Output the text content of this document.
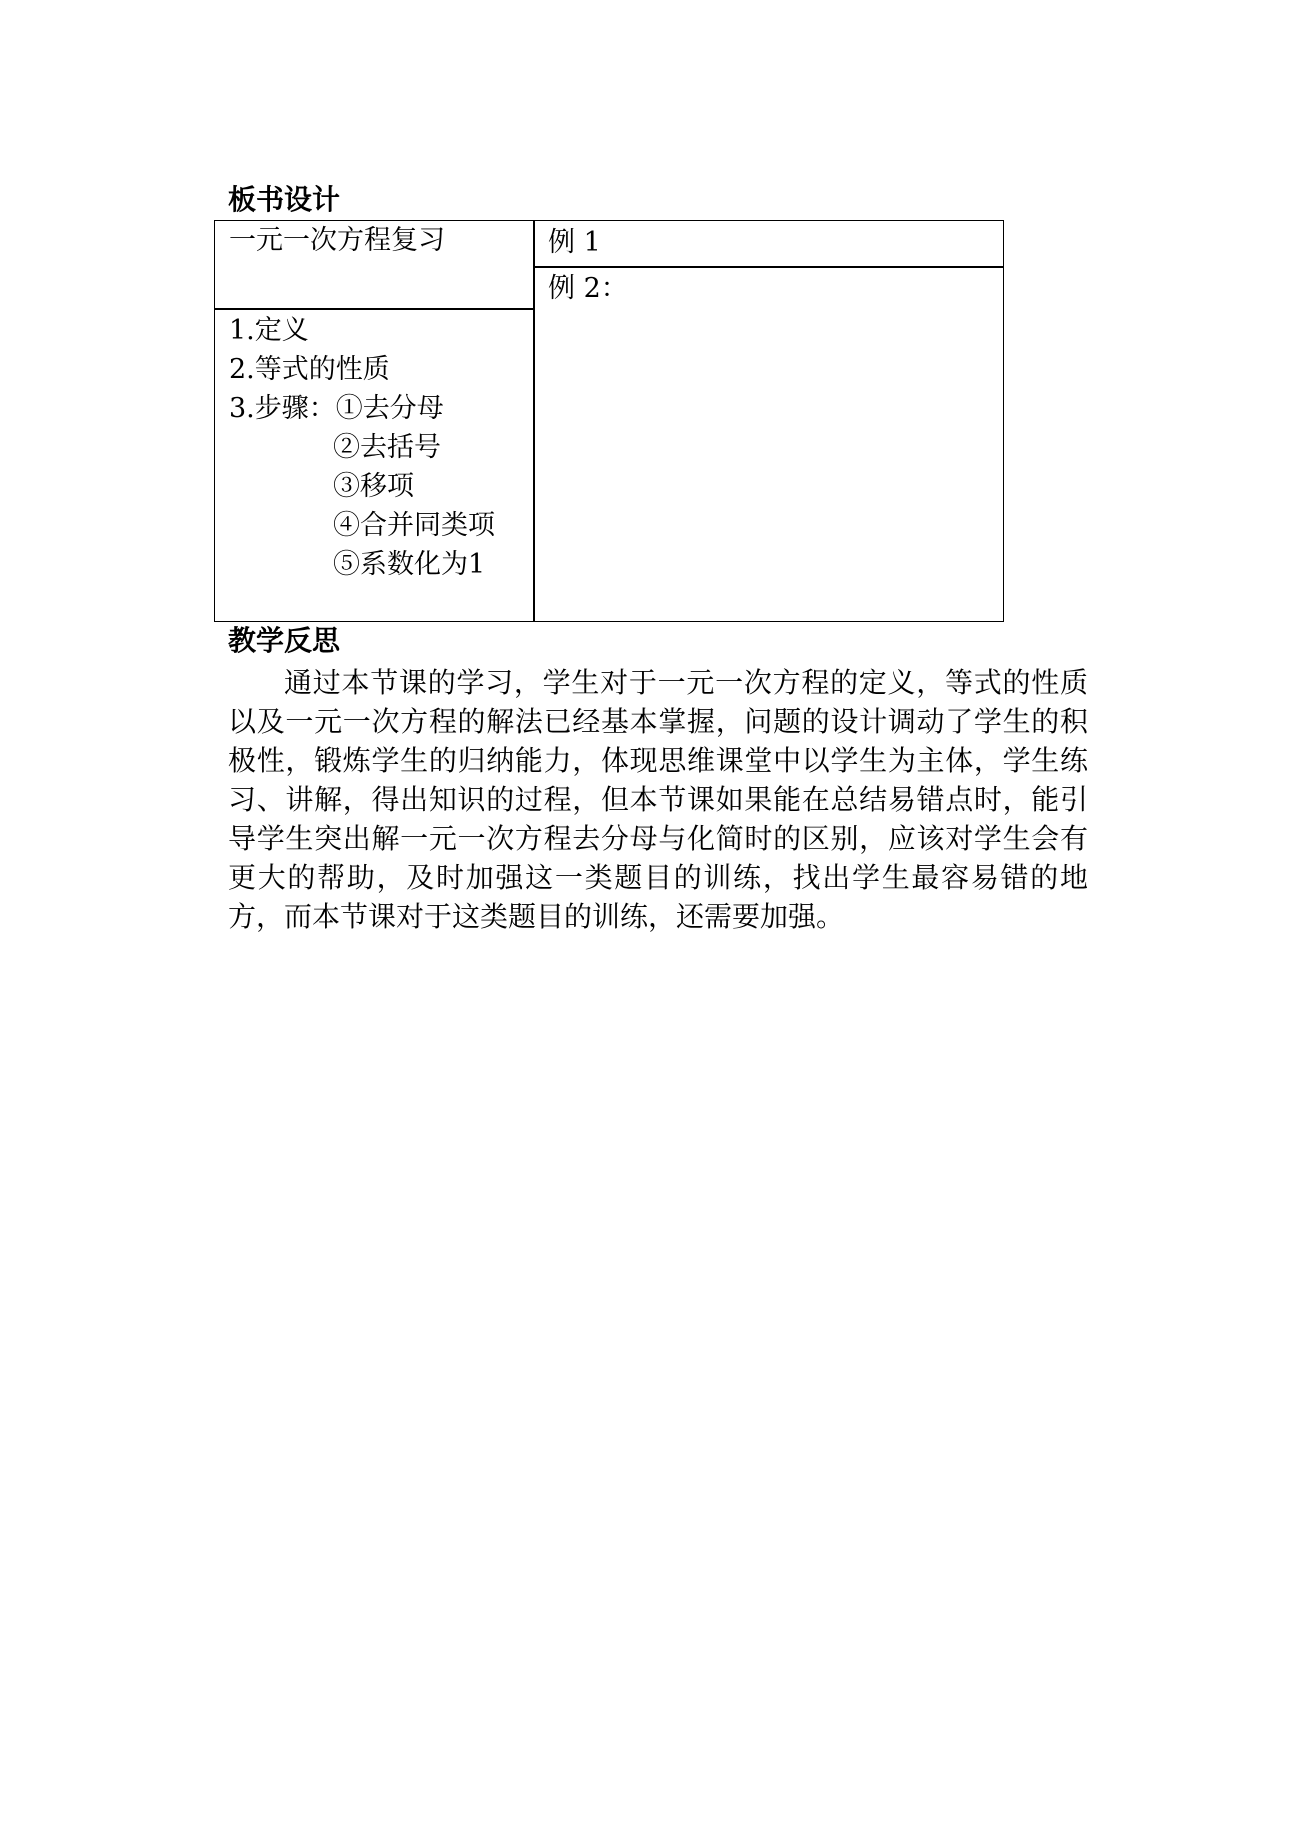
板书设计
一元一次方程复习
1.定义
2.等式的性质
3.步骤：①去分母
②去括号
③移项
④合并同类项
⑤系数化为1
例 1
例 2：
教学反思

通过本节课的学习，学生对于一元一次方程的定义，等式的性质以及一元一次方程的解法已经基本掌握，问题的设计调动了学生的积极性，锻炼学生的归纳能力，体现思维课堂中以学生为主体，学生练习、讲解，得出知识的过程，但本节课如果能在总结易错点时，能引导学生突出解一元一次方程去分母与化简时的区别，应该对学生会有更大的帮助，及时加强这一类题目的训练，找出学生最容易错的地方，而本节课对于这类题目的训练，还需要加强。
